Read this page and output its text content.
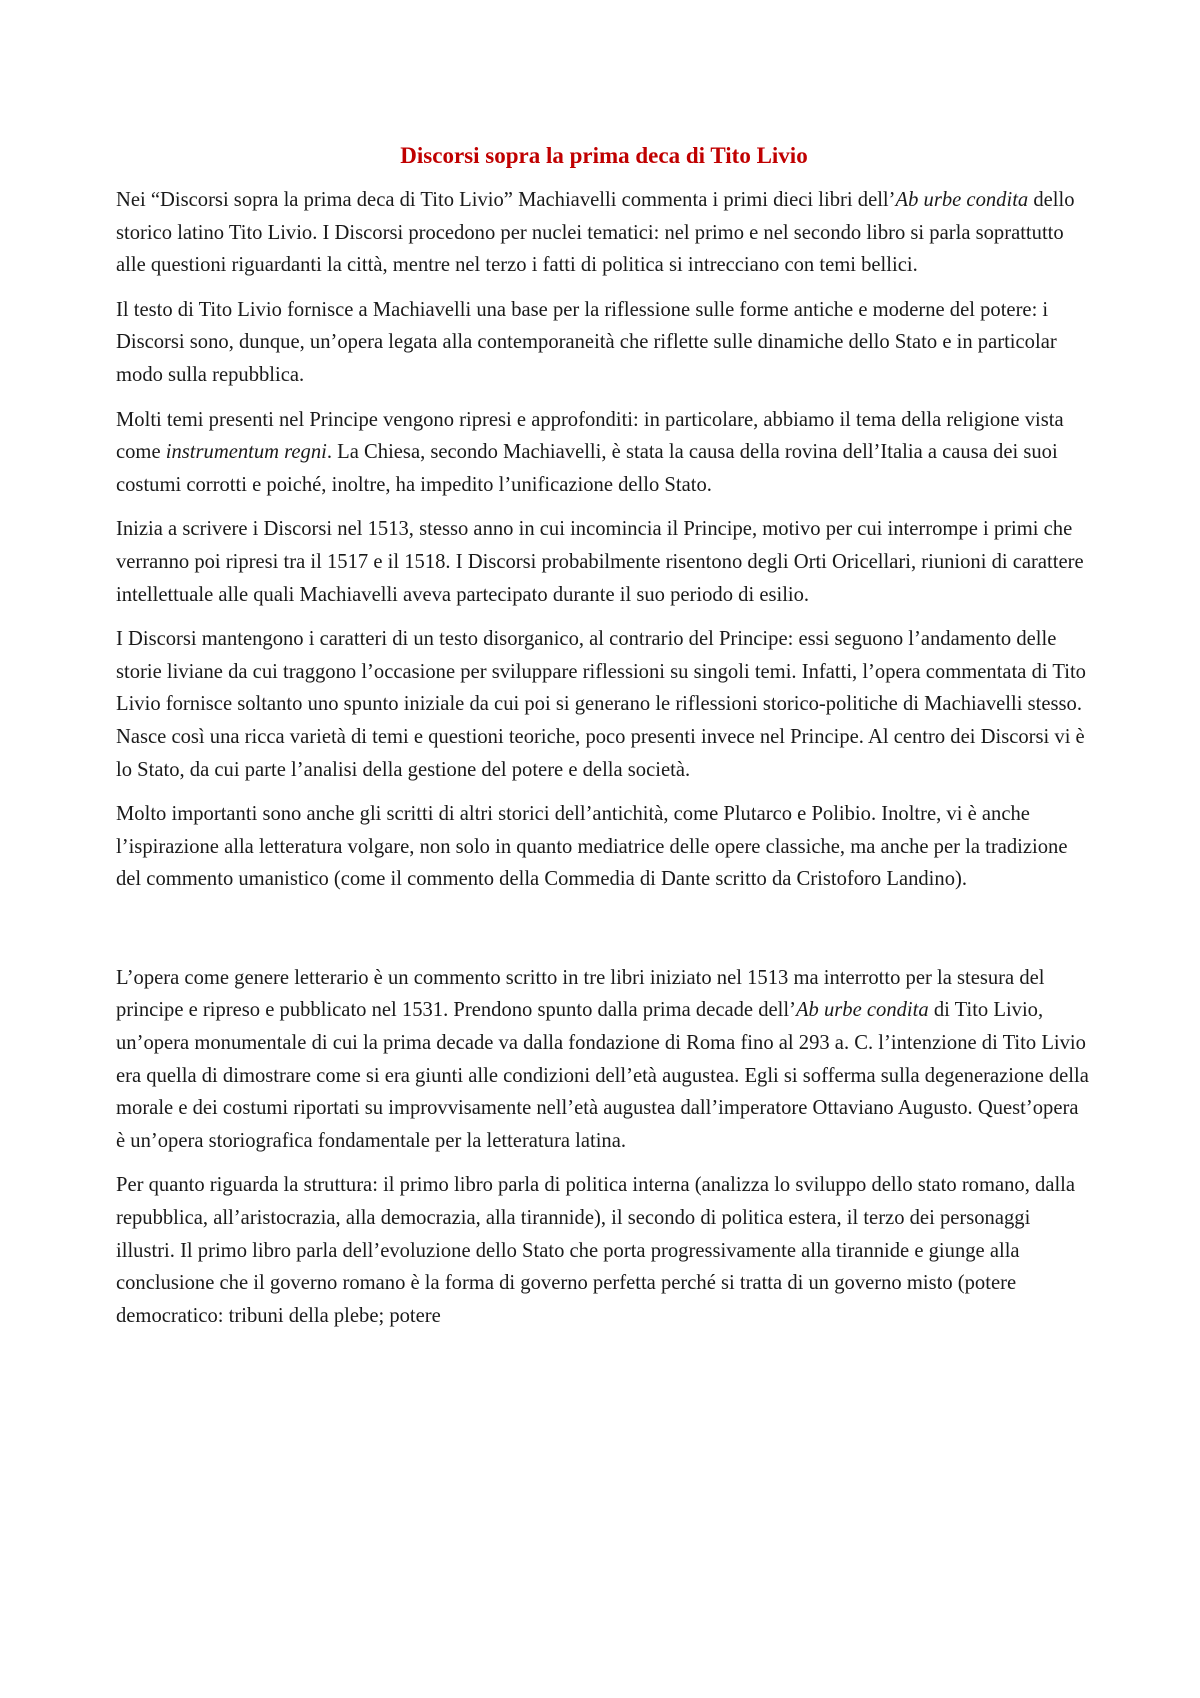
Discorsi sopra la prima deca di Tito Livio

Nei “Discorsi sopra la prima deca di Tito Livio” Machiavelli commenta i primi dieci libri dell’Ab urbe condita dello storico latino Tito Livio. I Discorsi procedono per nuclei tematici: nel primo e nel secondo libro si parla soprattutto alle questioni riguardanti la città, mentre nel terzo i fatti di politica si intrecciano con temi bellici.

Il testo di Tito Livio fornisce a Machiavelli una base per la riflessione sulle forme antiche e moderne del potere: i Discorsi sono, dunque, un’opera legata alla contemporaneità che riflette sulle dinamiche dello Stato e in particolar modo sulla repubblica.

Molti temi presenti nel Principe vengono ripresi e approfonditi: in particolare, abbiamo il tema della religione vista come instrumentum regni. La Chiesa, secondo Machiavelli, è stata la causa della rovina dell’Italia a causa dei suoi costumi corrotti e poiché, inoltre, ha impedito l’unificazione dello Stato.

Inizia a scrivere i Discorsi nel 1513, stesso anno in cui incomincia il Principe, motivo per cui interrompe i primi che verranno poi ripresi tra il 1517 e il 1518. I Discorsi probabilmente risentono degli Orti Oricellari, riunioni di carattere intellettuale alle quali Machiavelli aveva partecipato durante il suo periodo di esilio.

I Discorsi mantengono i caratteri di un testo disorganico, al contrario del Principe: essi seguono l’andamento delle storie liviane da cui traggono l’occasione per sviluppare riflessioni su singoli temi. Infatti, l’opera commentata di Tito Livio fornisce soltanto uno spunto iniziale da cui poi si generano le riflessioni storico-politiche di Machiavelli stesso. Nasce così una ricca varietà di temi e questioni teoriche, poco presenti invece nel Principe. Al centro dei Discorsi vi è lo Stato, da cui parte l’analisi della gestione del potere e della società.

Molto importanti sono anche gli scritti di altri storici dell’antichità, come Plutarco e Polibio. Inoltre, vi è anche l’ispirazione alla letteratura volgare, non solo in quanto mediatrice delle opere classiche, ma anche per la tradizione del commento umanistico (come il commento della Commedia di Dante scritto da Cristoforo Landino).

L’opera come genere letterario è un commento scritto in tre libri iniziato nel 1513 ma interrotto per la stesura del principe e ripreso e pubblicato nel 1531. Prendono spunto dalla prima decade dell’Ab urbe condita di Tito Livio, un’opera monumentale di cui la prima decade va dalla fondazione di Roma fino al 293 a. C. l’intenzione di Tito Livio era quella di dimostrare come si era giunti alle condizioni dell’età augustea. Egli si sofferma sulla degenerazione della morale e dei costumi riportati su improvvisamente nell’età augustea dall’imperatore Ottaviano Augusto. Quest’opera è un’opera storiografica fondamentale per la letteratura latina.

Per quanto riguarda la struttura: il primo libro parla di politica interna (analizza lo sviluppo dello stato romano, dalla repubblica, all’aristocrazia, alla democrazia, alla tirannide), il secondo di politica estera, il terzo dei personaggi illustri. Il primo libro parla dell’evoluzione dello Stato che porta progressivamente alla tirannide e giunge alla conclusione che il governo romano è la forma di governo perfetta perché si tratta di un governo misto (potere democratico: tribuni della plebe; potere
